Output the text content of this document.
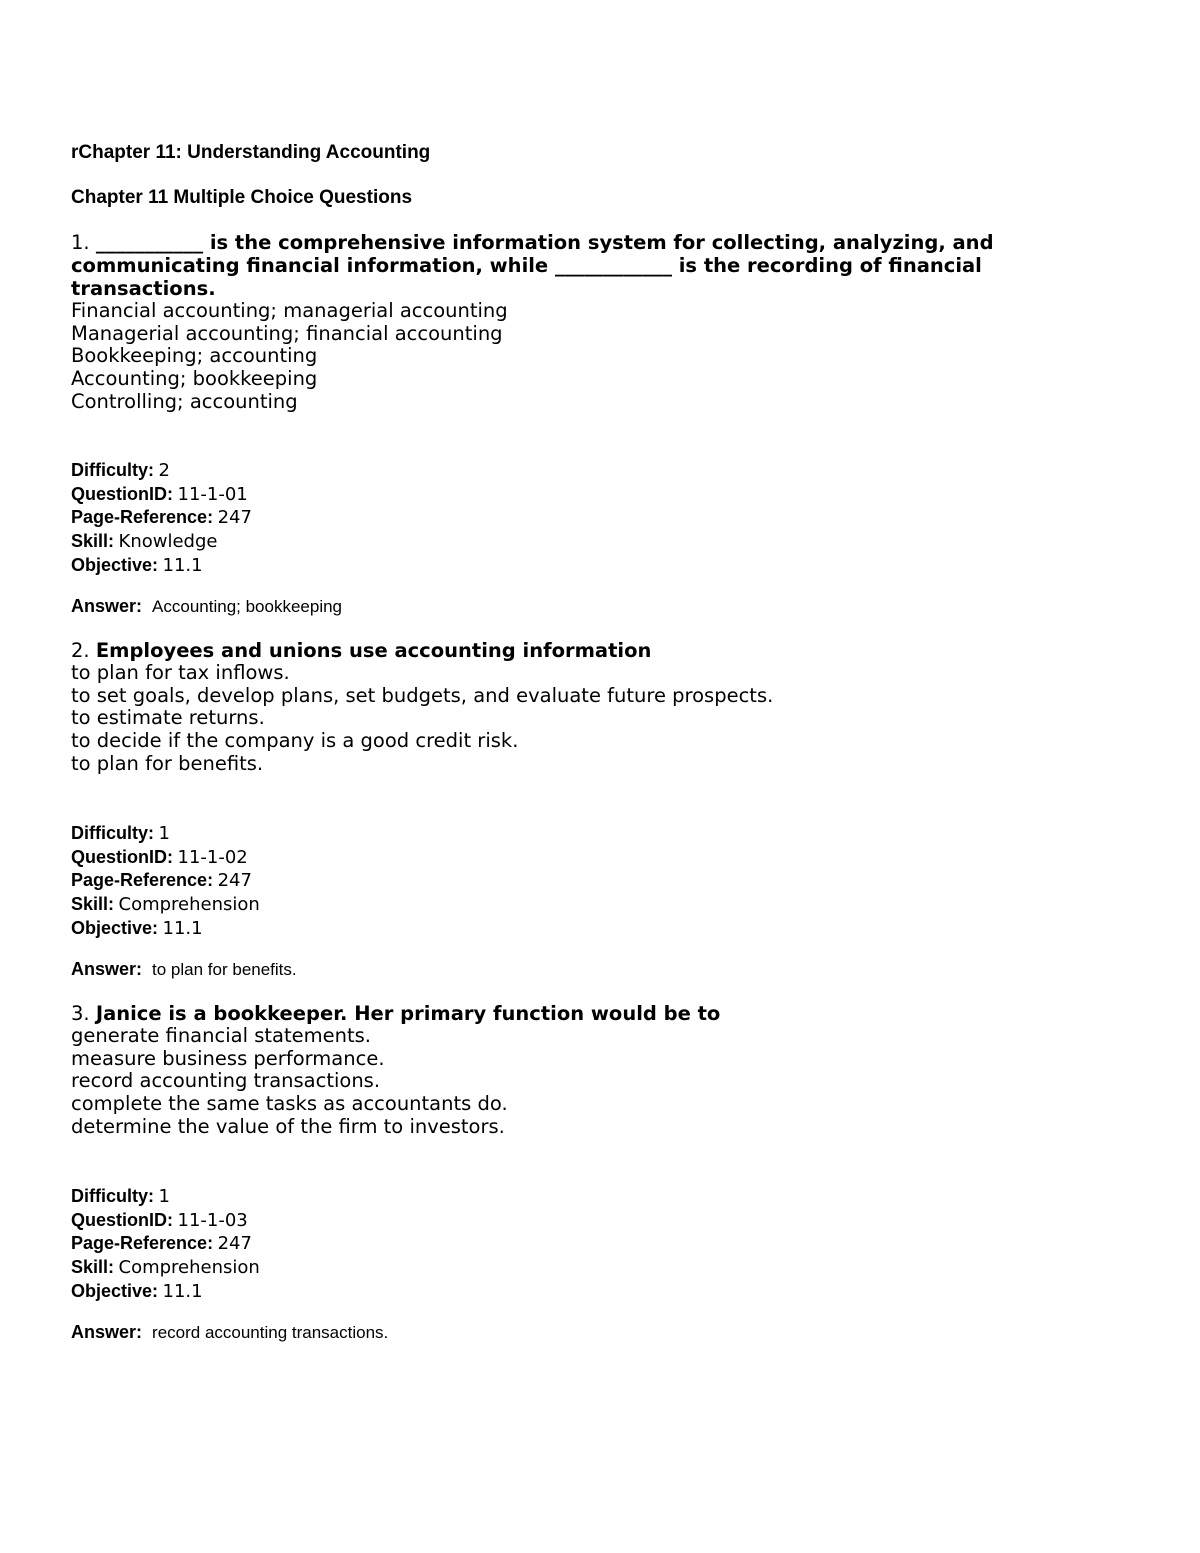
rChapter 11: Understanding Accounting
Chapter 11 Multiple Choice Questions
1. ___________ is the comprehensive information system for collecting, analyzing, and communicating financial information, while ____________ is the recording of financial transactions.
Financial accounting; managerial accounting
Managerial accounting; financial accounting
Bookkeeping; accounting
Accounting; bookkeeping
Controlling; accounting
Difficulty: 2
QuestionID: 11-1-01
Page-Reference: 247
Skill: Knowledge
Objective: 11.1
Answer: Accounting; bookkeeping
2. Employees and unions use accounting information
to plan for tax inflows.
to set goals, develop plans, set budgets, and evaluate future prospects.
to estimate returns.
to decide if the company is a good credit risk.
to plan for benefits.
Difficulty: 1
QuestionID: 11-1-02
Page-Reference: 247
Skill: Comprehension
Objective: 11.1
Answer: to plan for benefits.
3. Janice is a bookkeeper. Her primary function would be to
generate financial statements.
measure business performance.
record accounting transactions.
complete the same tasks as accountants do.
determine the value of the firm to investors.
Difficulty: 1
QuestionID: 11-1-03
Page-Reference: 247
Skill: Comprehension
Objective: 11.1
Answer: record accounting transactions.
